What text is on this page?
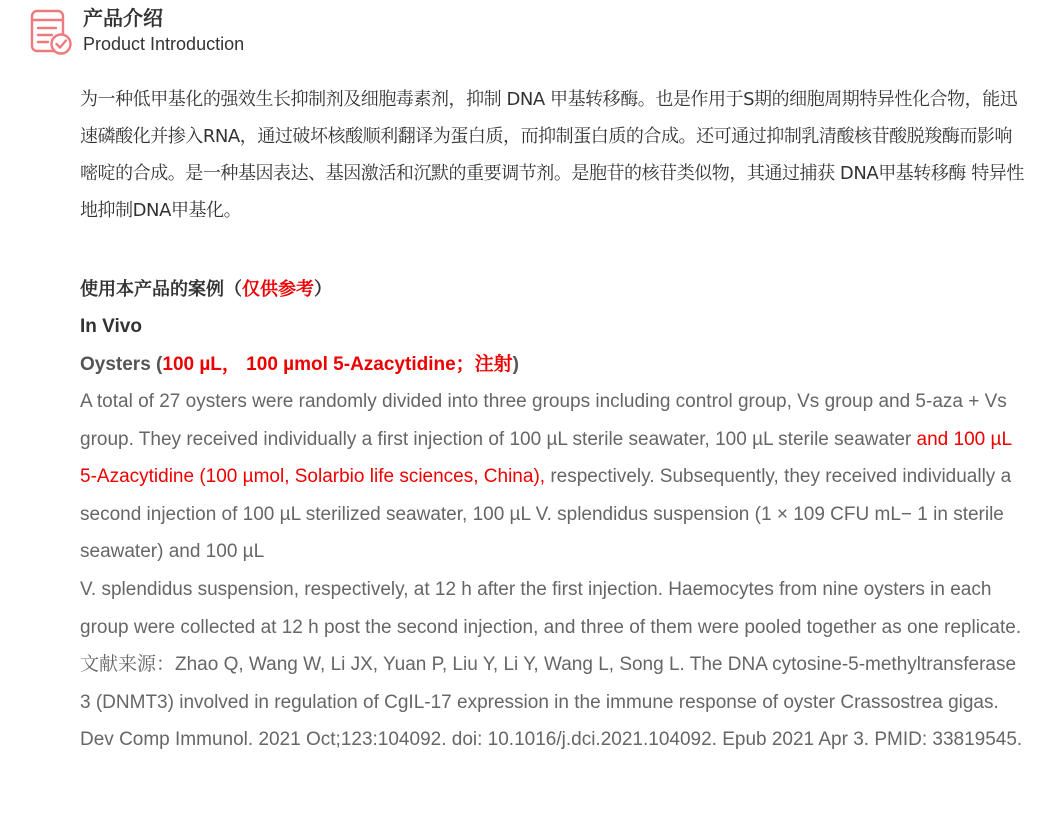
产品介绍
Product Introduction

为一种低甲基化的强效生长抑制剂及细胞毒素剂，抑制 DNA 甲基转移酶。也是作用于S期的细胞周期特异性化合物，能迅速磷酸化并掺入RNA，通过破坏核酸顺利翻译为蛋白质，而抑制蛋白质的合成。还可通过抑制乳清酸核苷酸脱羧酶而影响嘧啶的合成。是一种基因表达、基因激活和沉默的重要调节剂。是胞苷的核苷类似物，其通过捕获 DNA甲基转移酶 特异性地抑制DNA甲基化。

使用本产品的案例（仅供参考）

In Vivo

Oysters (100 µL， 100 µmol 5-Azacytidine；注射)

A total of 27 oysters were randomly divided into three groups including control group, Vs group and 5-aza + Vs group. They received individually a first injection of 100 µL sterile seawater, 100 µL sterile seawater and 100 µL 5-Azacytidine (100 µmol, Solarbio life sciences, China), respectively. Subsequently, they received individually a second injection of 100 µL sterilized seawater, 100 µL V. splendidus suspension (1 × 109 CFU mL− 1 in sterile seawater) and 100 µL

V. splendidus suspension, respectively, at 12 h after the first injection. Haemocytes from nine oysters in each group were collected at 12 h post the second injection, and three of them were pooled together as one replicate.

文献来源：Zhao Q, Wang W, Li JX, Yuan P, Liu Y, Li Y, Wang L, Song L. The DNA cytosine-5-methyltransferase 3 (DNMT3) involved in regulation of CgIL-17 expression in the immune response of oyster Crassostrea gigas. Dev Comp Immunol. 2021 Oct;123:104092. doi: 10.1016/j.dci.2021.104092. Epub 2021 Apr 3. PMID: 33819545.
